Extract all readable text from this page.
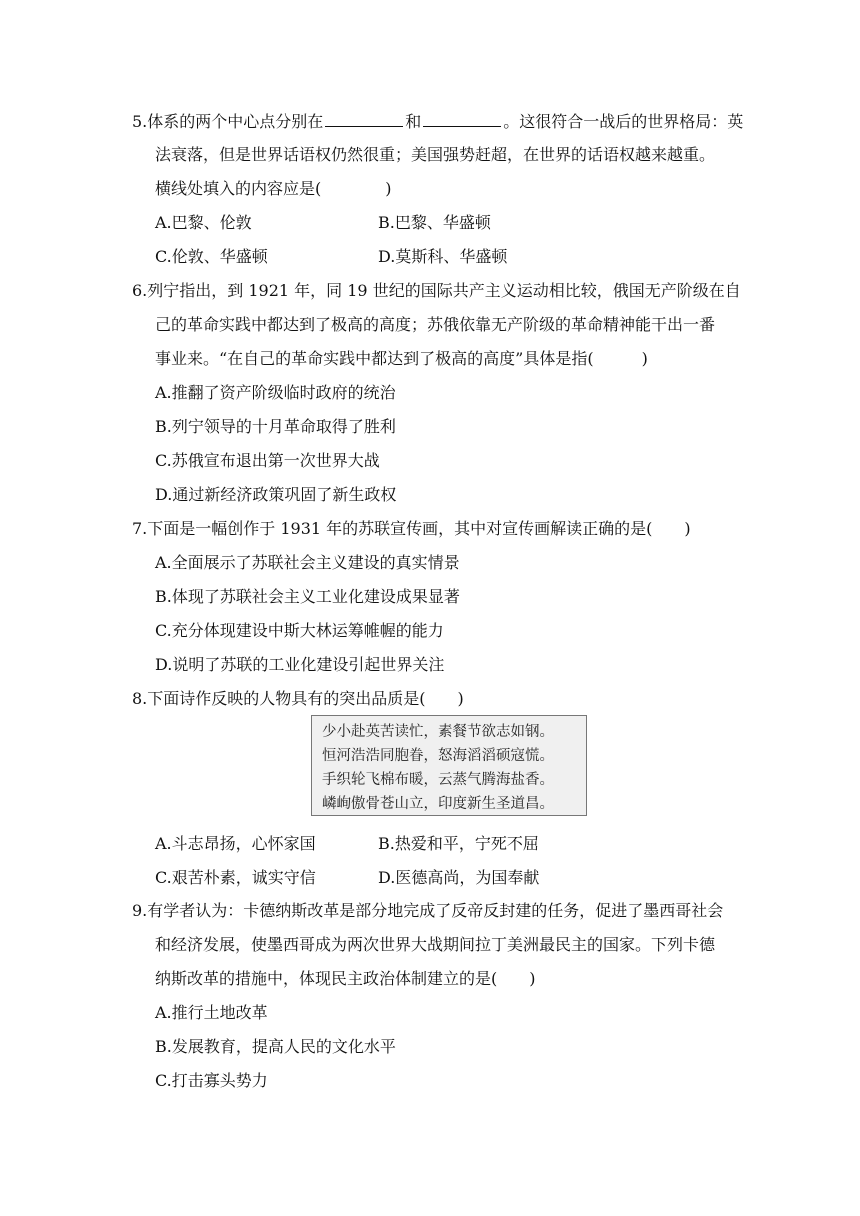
5.体系的两个中心点分别在	和	。这很符合一战后的世界格局：英
法衰落，但是世界话语权仍然很重；美国强势赶超，在世界的话语权越来越重。
横线处填入的内容应是(　　　　)
A.巴黎、伦敦	B.巴黎、华盛顿
C.伦敦、华盛顿	D.莫斯科、华盛顿
6.列宁指出，到 1921 年，同 19 世纪的国际共产主义运动相比较，俄国无产阶级在自
己的革命实践中都达到了极高的高度；苏俄依靠无产阶级的革命精神能干出一番
事业来。“在自己的革命实践中都达到了极高的高度”具体是指(　　　)
A.推翻了资产阶级临时政府的统治
B.列宁领导的十月革命取得了胜利
C.苏俄宣布退出第一次世界大战
D.通过新经济政策巩固了新生政权
7.下面是一幅创作于 1931 年的苏联宣传画，其中对宣传画解读正确的是(　　)
A.全面展示了苏联社会主义建设的真实情景
B.体现了苏联社会主义工业化建设成果显著
C.充分体现建设中斯大林运筹帷幄的能力
D.说明了苏联的工业化建设引起世界关注
8.下面诗作反映的人物具有的突出品质是(　　)
少小赴英苦读忙，素餐节欲志如钢。
恒河浩浩同胞眷，怒海滔滔硕寇慌。
手织轮飞棉布暖，云蒸气腾海盐香。
嶙峋傲骨苍山立，印度新生圣道昌。
A.斗志昂扬，心怀家国	B.热爱和平，宁死不屈
C.艰苦朴素，诚实守信	D.医德高尚，为国奉献
9.有学者认为：卡德纳斯改革是部分地完成了反帝反封建的任务，促进了墨西哥社会
和经济发展，使墨西哥成为两次世界大战期间拉丁美洲最民主的国家。下列卡德
纳斯改革的措施中，体现民主政治体制建立的是(　　)
A.推行土地改革
B.发展教育，提高人民的文化水平
C.打击寡头势力
